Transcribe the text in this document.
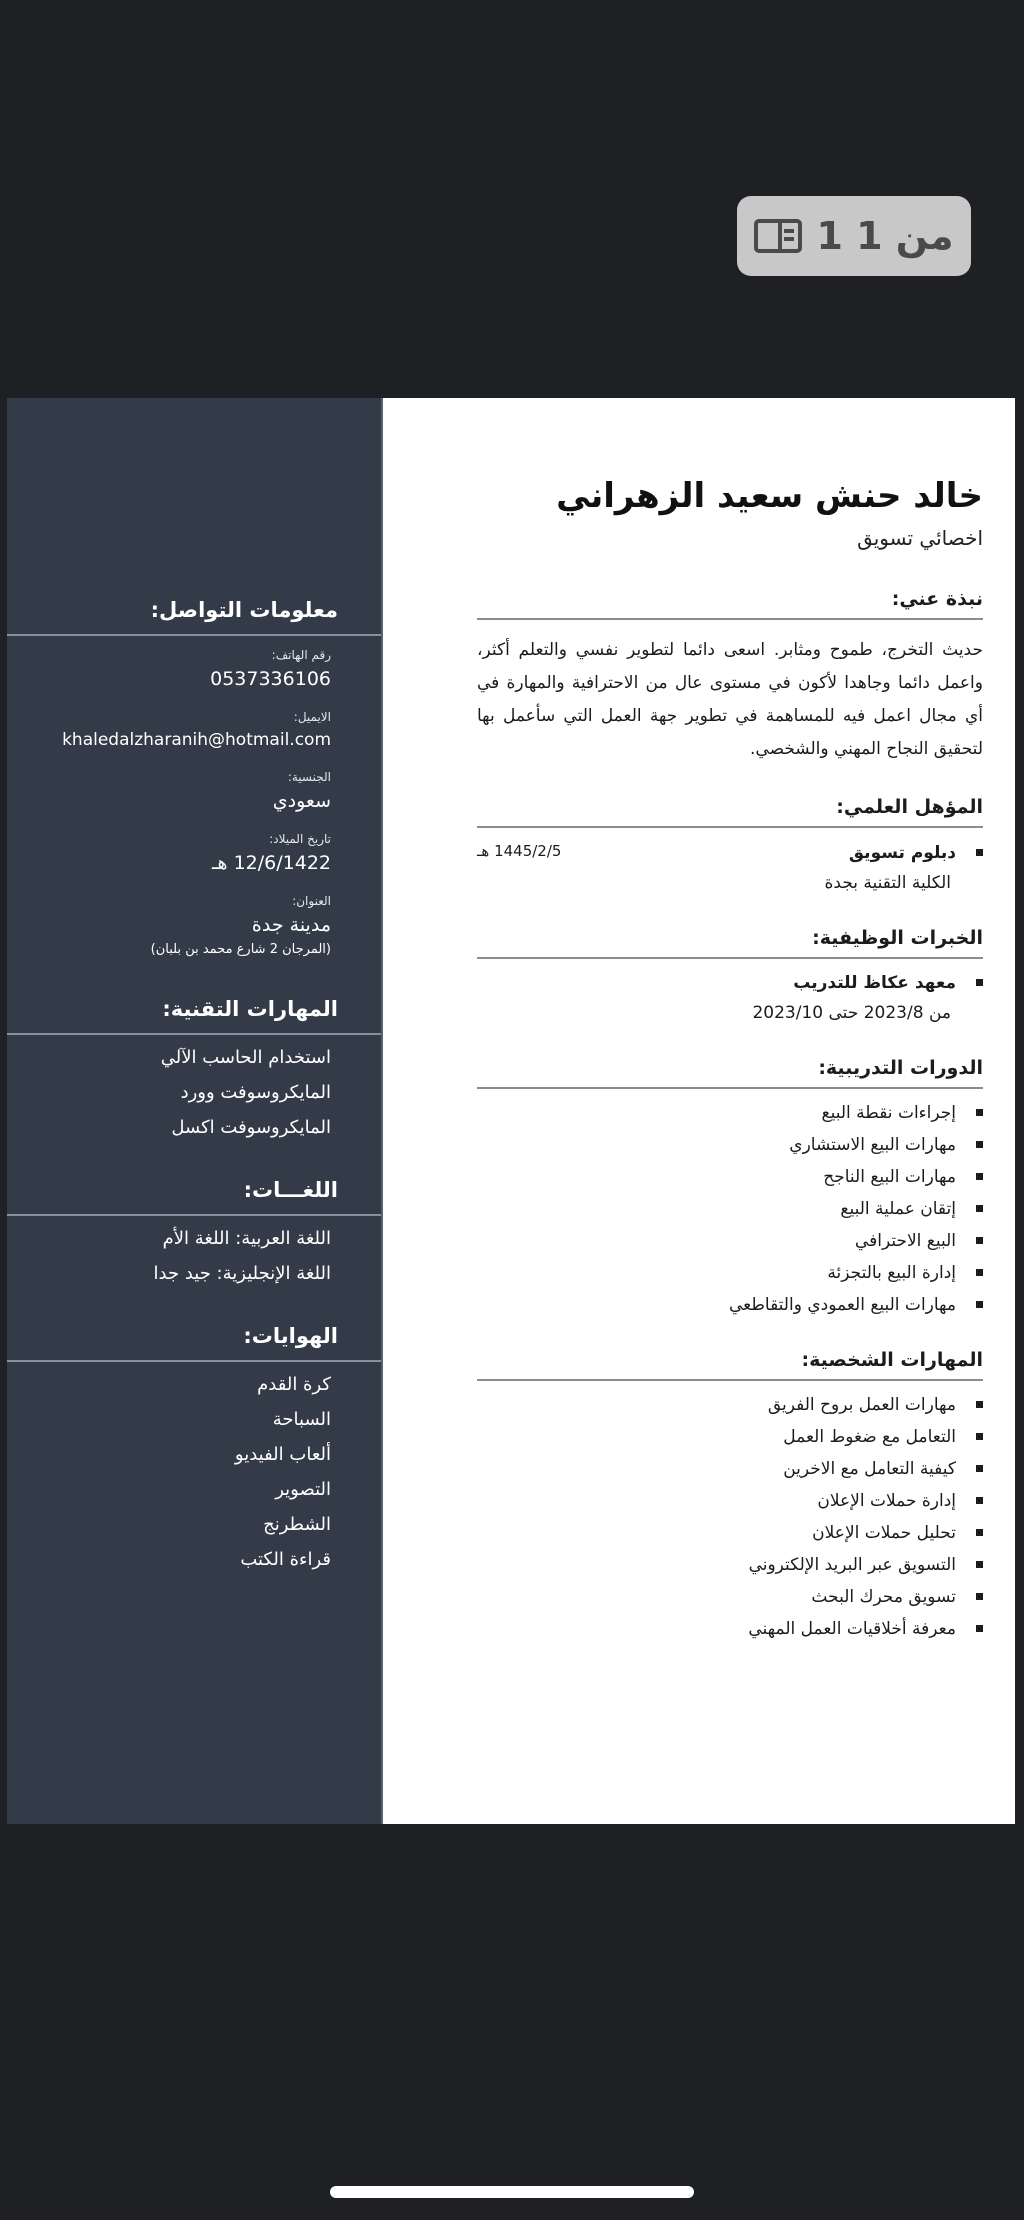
1 من 1
معلومات التواصل:
رقم الهاتف:
0537336106
الايميل:
khaledalzharanih@hotmail.com
الجنسية:
سعودي
تاريخ الميلاد:
12/6/1422 هـ
العنوان:
مدينة جدة
(المرجان 2 شارع محمد بن بلبان)
المهارات التقنية:
استخدام الحاسب الآلي
المايكروسوفت وورد
المايكروسوفت اكسل
اللغـــات:
اللغة العربية: اللغة الأم
اللغة الإنجليزية: جيد جدا
الهوايات:
كرة القدم
السباحة
ألعاب الفيديو
التصوير
الشطرنج
قراءة الكتب
خالد حنش سعيد الزهراني
اخصائي تسويق
نبذة عني:

حديث التخرج، طموح ومثابر. اسعى دائما لتطوير نفسي والتعلم أكثر، واعمل دائما وجاهدا لأكون في مستوى عال من الاحترافية والمهارة في أي مجال اعمل فيه للمساهمة في تطوير جهة العمل التي سأعمل بها لتحقيق النجاح المهني والشخصي.

المؤهل العلمي:
دبلوم تسويق
1445/2/5 هـ
الكلية التقنية بجدة
الخبرات الوظيفية:
معهد عكاظ للتدريب
من 2023/8 حتى 2023/10
الدورات التدريبية:
إجراءات نقطة البيع
مهارات البيع الاستشاري
مهارات البيع الناجح
إتقان عملية البيع
البيع الاحترافي
إدارة البيع بالتجزئة
مهارات البيع العمودي والتقاطعي
المهارات الشخصية:
مهارات العمل بروح الفريق
التعامل مع ضغوط العمل
كيفية التعامل مع الاخرين
إدارة حملات الإعلان
تحليل حملات الإعلان
التسويق عبر البريد الإلكتروني
تسويق محرك البحث
معرفة أخلاقيات العمل المهني
